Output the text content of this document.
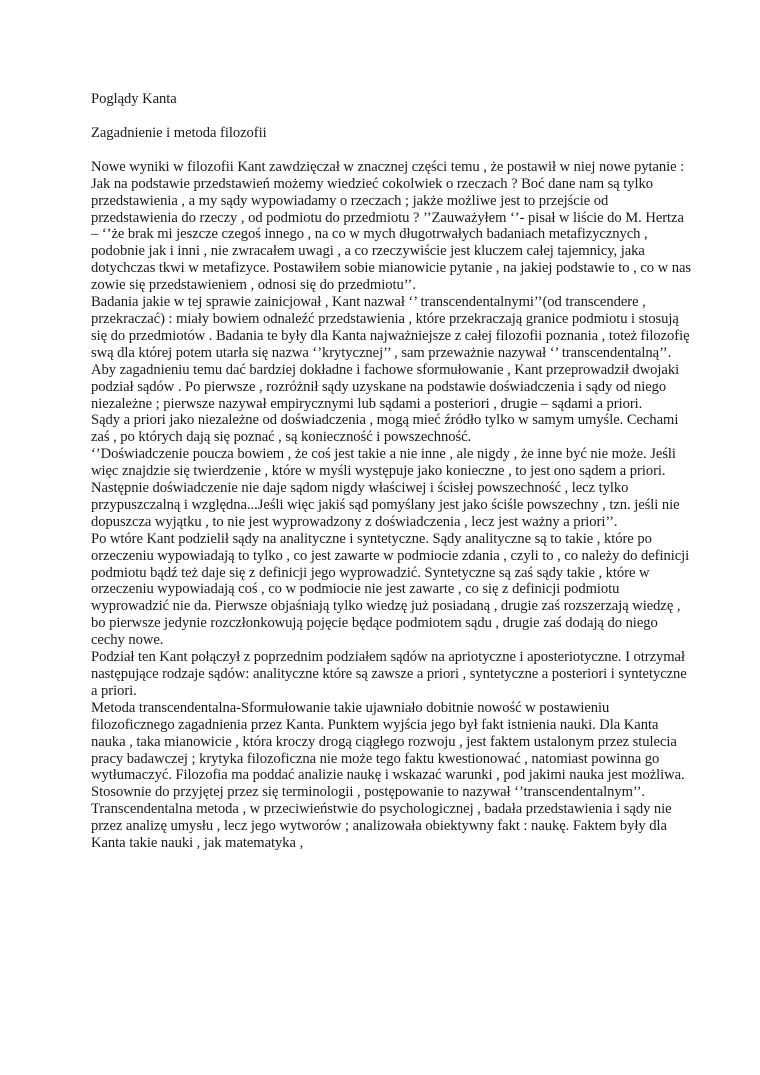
Poglądy Kanta

Zagadnienie i metoda filozofii

Nowe wyniki w filozofii Kant zawdzięczał w znacznej części temu , że postawił w niej nowe pytanie : Jak na podstawie przedstawień możemy wiedzieć cokolwiek o rzeczach ? Boć dane nam są tylko przedstawienia , a my sądy wypowiadamy o rzeczach ; jakże możliwe jest to przejście od przedstawienia do rzeczy , od podmiotu do przedmiotu ? ’’Zauważyłem ‘’- pisał w liście do M. Hertza – ‘’że brak mi jeszcze czegoś innego , na co w mych długotrwałych badaniach metafizycznych , podobnie jak i inni , nie zwracałem uwagi , a co rzeczywiście jest kluczem całej tajemnicy, jaka dotychczas tkwi w metafizyce. Postawiłem sobie mianowicie pytanie , na jakiej podstawie to , co w nas zowie się przedstawieniem , odnosi się do przedmiotu’’.

Badania jakie w tej sprawie zainicjował , Kant nazwał ‘’ transcendentalnymi’’(od transcendere , przekraczać) : miały bowiem odnaleźć przedstawienia , które przekraczają granice podmiotu i stosują się do przedmiotów . Badania te były dla Kanta najważniejsze z całej filozofii poznania , toteż filozofię swą dla której potem utarła się nazwa ‘’krytycznej’’ , sam przeważnie nazywał ‘’ transcendentalną’’.

Aby zagadnieniu temu dać bardziej dokładne i fachowe sformułowanie , Kant przeprowadził dwojaki podział sądów . Po pierwsze , rozróżnił sądy uzyskane na podstawie doświadczenia i sądy od niego niezależne ; pierwsze nazywał empirycznymi lub sądami a posteriori , drugie – sądami a priori.

Sądy a priori jako niezależne od doświadczenia , mogą mieć źródło tylko w samym umyśle. Cechami zaś , po których dają się poznać , są konieczność i powszechność.

‘’Doświadczenie poucza bowiem , że coś jest takie a nie inne , ale nigdy , że inne być nie może. Jeśli więc znajdzie się twierdzenie , które w myśli występuje jako konieczne , to jest ono sądem a priori.

Następnie doświadczenie nie daje sądom nigdy właściwej i ścisłej powszechność , lecz tylko przypuszczalną i względna...Jeśli więc jakiś sąd pomyślany jest jako ściśle powszechny , tzn. jeśli nie dopuszcza wyjątku , to nie jest wyprowadzony z doświadczenia , lecz jest ważny a priori’’.

Po wtóre Kant podzielił sądy na analityczne i syntetyczne. Sądy analityczne są to takie , które po orzeczeniu wypowiadają to tylko , co jest zawarte w podmiocie zdania , czyli to , co należy do definicji podmiotu bądź też daje się z definicji jego wyprowadzić. Syntetyczne są zaś sądy takie , które w orzeczeniu wypowiadają coś , co w podmiocie nie jest zawarte , co się z definicji podmiotu wyprowadzić nie da. Pierwsze objaśniają tylko wiedzę już posiadaną , drugie zaś rozszerzają wiedzę , bo pierwsze jedynie rozczłonkowują pojęcie będące podmiotem sądu , drugie zaś dodają do niego cechy nowe.

Podział ten Kant połączył z poprzednim podziałem sądów na apriotyczne i aposteriotyczne. I otrzymał następujące rodzaje sądów: analityczne które są zawsze a priori , syntetyczne a posteriori i syntetyczne a priori.

Metoda transcendentalna-Sformułowanie takie ujawniało dobitnie nowość w postawieniu filozoficznego zagadnienia przez Kanta. Punktem wyjścia jego był fakt istnienia nauki. Dla Kanta nauka , taka mianowicie , która kroczy drogą ciągłego rozwoju , jest faktem ustalonym przez stulecia pracy badawczej ; krytyka filozoficzna nie może tego faktu kwestionować , natomiast powinna go wytłumaczyć. Filozofia ma poddać analizie naukę i wskazać warunki , pod jakimi nauka jest możliwa. Stosownie do przyjętej przez się terminologii , postępowanie to nazywał ‘’transcendentalnym’’. Transcendentalna metoda , w przeciwieństwie do psychologicznej , badała przedstawienia i sądy nie przez analizę umysłu , lecz jego wytworów ; analizowała obiektywny fakt : naukę. Faktem były dla Kanta takie nauki , jak matematyka ,
